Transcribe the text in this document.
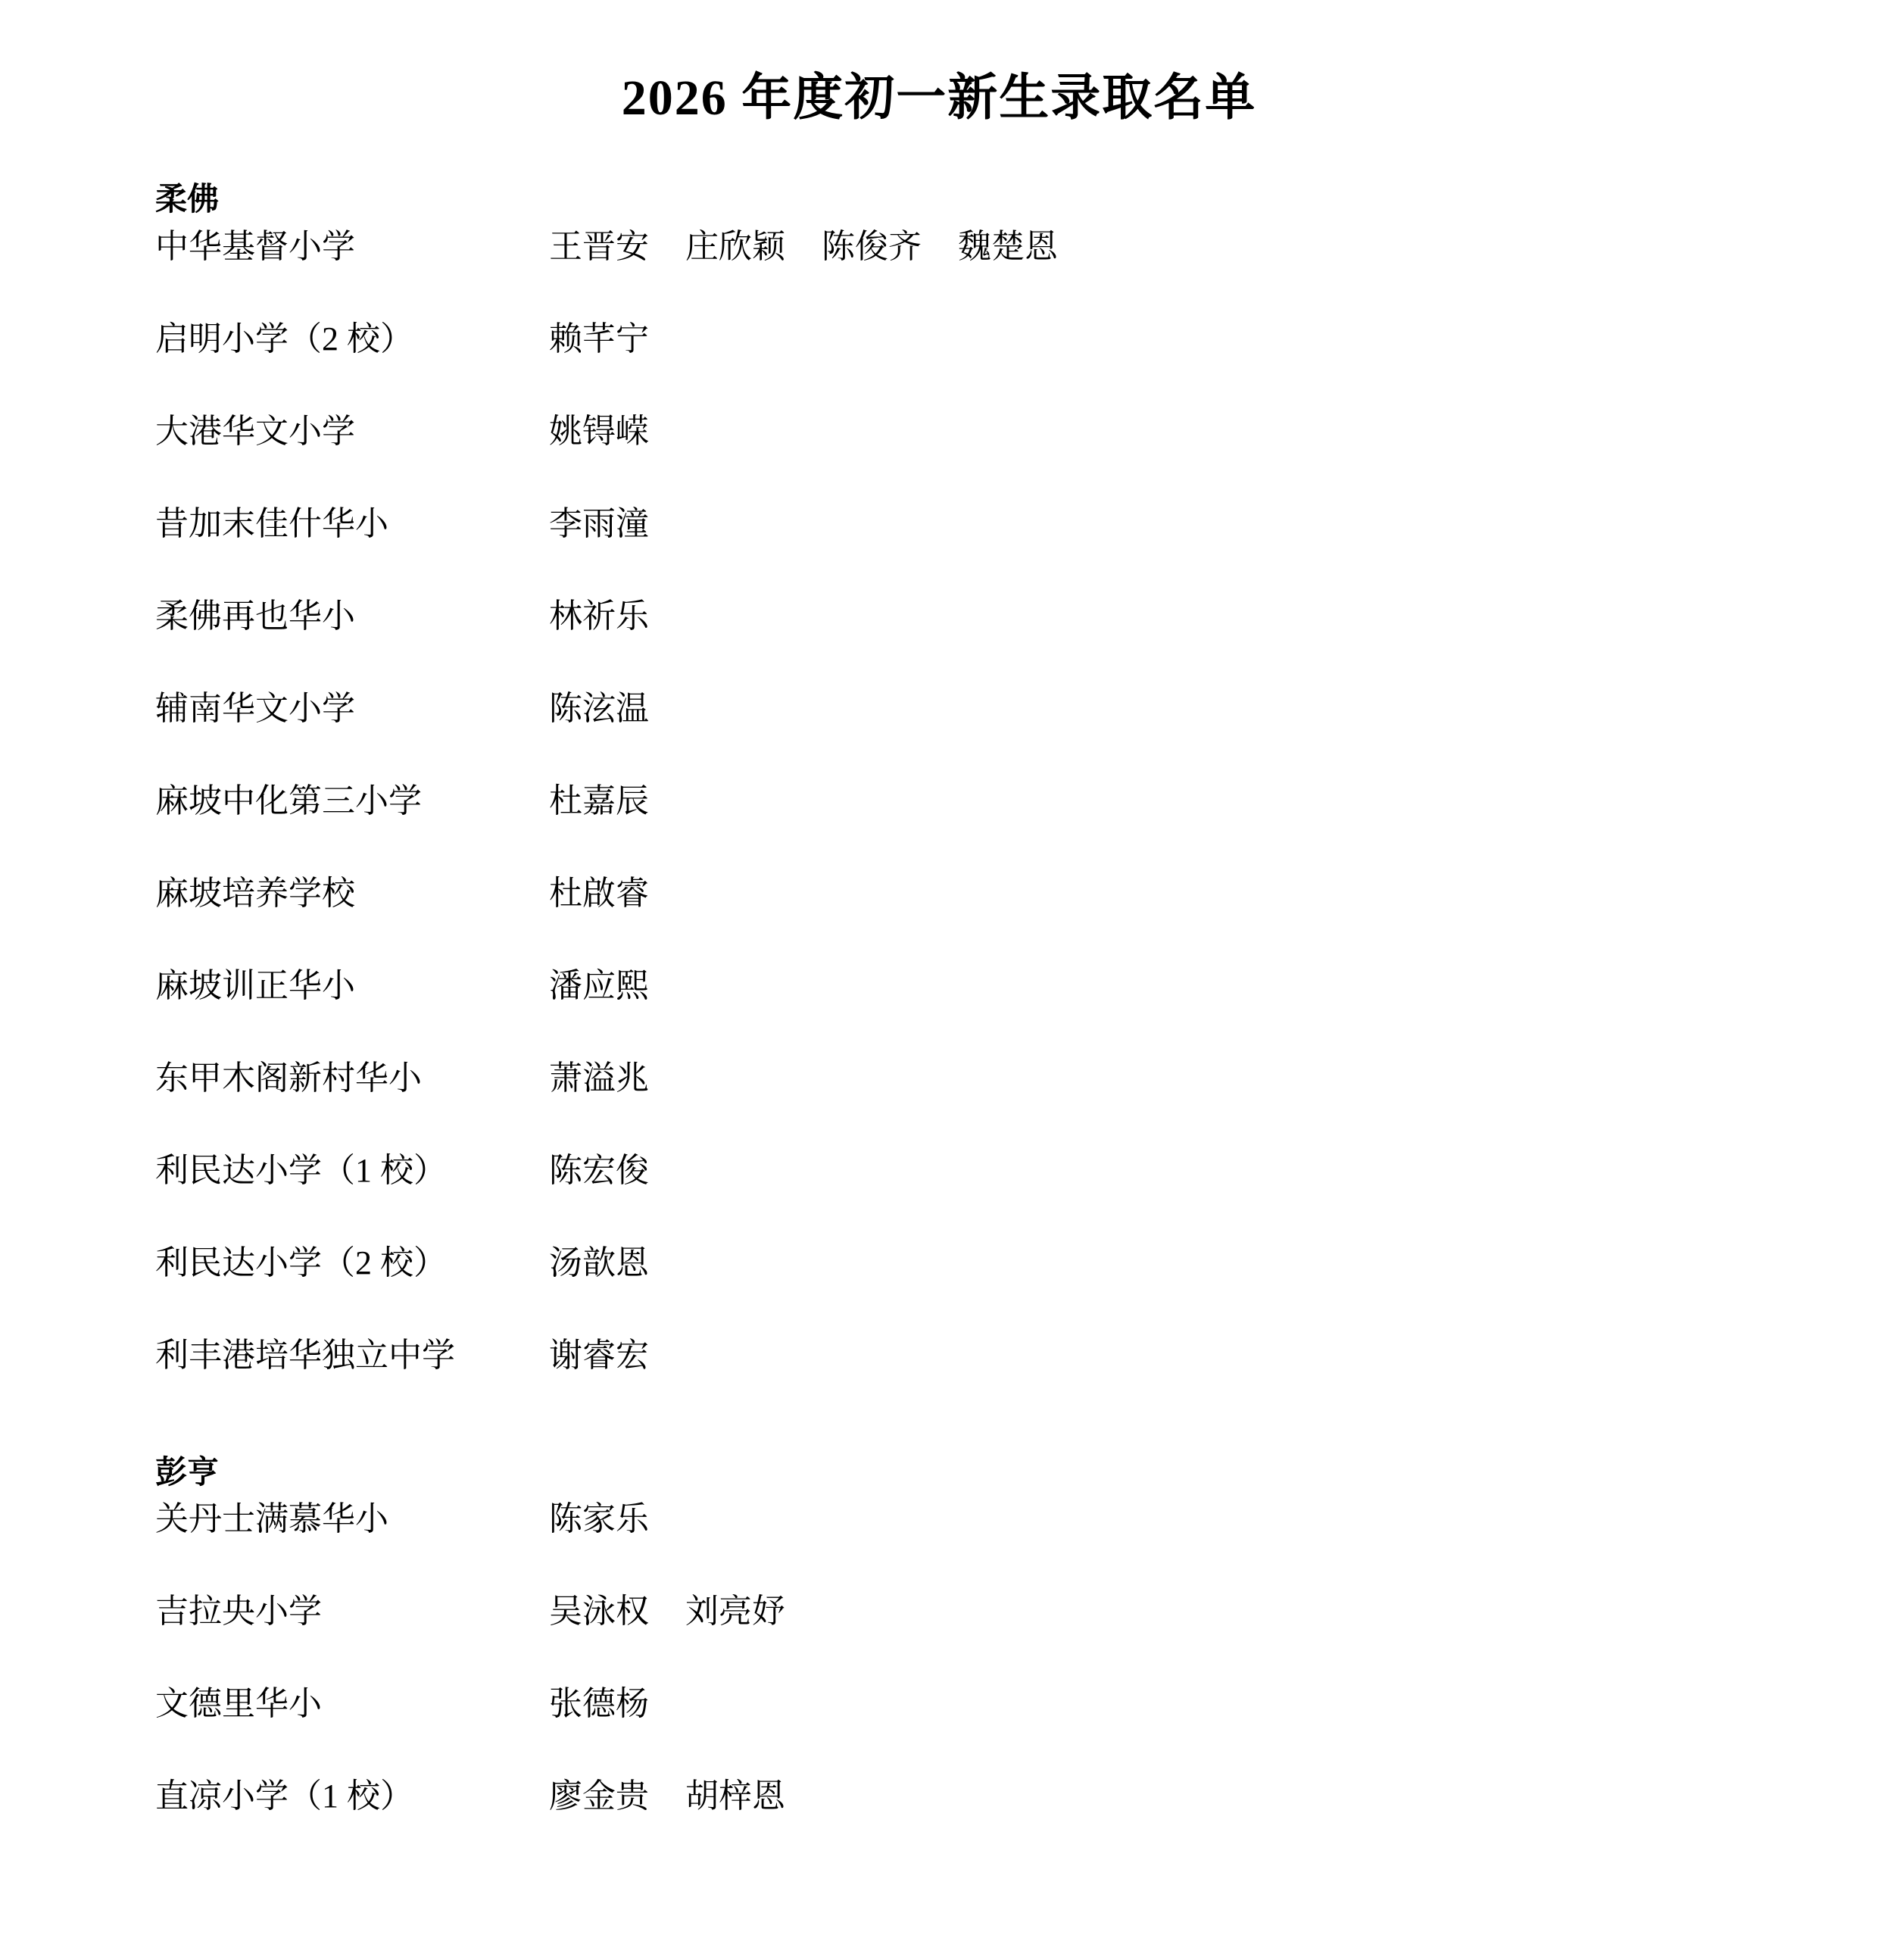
2026 年度初一新生录取名单
柔佛
中华基督小学	王晋安 庄欣颖 陈俊齐 魏楚恩
启明小学（2 校）	赖芊宁
大港华文小学	姚锝嵘
昔加末佳什华小	李雨潼
柔佛再也华小	林祈乐
辅南华文小学	陈泫温
麻坡中化第三小学	杜嘉辰
麻坡培养学校	杜啟睿
麻坡训正华小	潘应熙
东甲木阁新村华小	萧溢兆
利民达小学（1 校）	陈宏俊
利民达小学（2 校）	汤歆恩
利丰港培华独立中学	谢睿宏
彭亨
关丹士满慕华小	陈家乐
吉拉央小学	吴泳权 刘亮妤
文德里华小	张德杨
直凉小学（1 校）	廖金贵 胡梓恩
